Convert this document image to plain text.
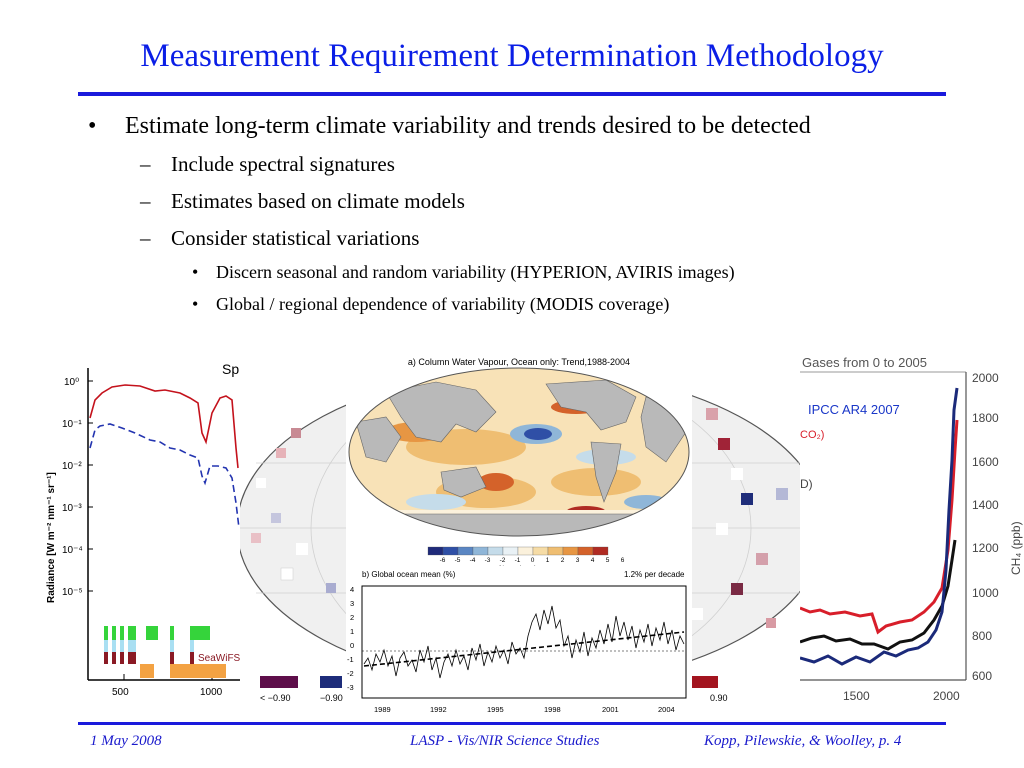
Measurement Requirement Determination Methodology
• Estimate long-term climate variability and trends desired to be detected
– Include spectral signatures
– Estimates based on climate models
– Consider statistical variations
• Discern seasonal and random variability (HYPERION, AVIRIS images)
• Global / regional dependence of variability (MODIS coverage)
< −0.90	−0.90	0.90
Sp
10⁰
10⁻¹
10⁻²
10⁻³
10⁻⁴
10⁻⁵
500	1000
Radiance [W m⁻² nm⁻¹ sr⁻¹]
SeaWiFS
Gases from 0 to 2005
IPCC AR4 2007
CO₂)
D)
2000
1800
1600
1400
1200
1000
800
600
1500	2000
CH₄ (ppb)
a) Column Water Vapour, Ocean only: Trend,1988-2004
-6 -5 -4 -3 -2 -1 0 1 2 3 4 5 6
b) Global ocean mean (%)	1.2% per decade
4
3
2
1
0
-1
-2
-3
1989	1992	1995	1998	2001	2004
1 May 2008	LASP - Vis/NIR Science Studies	Kopp, Pilewskie, & Woolley, p. 4
